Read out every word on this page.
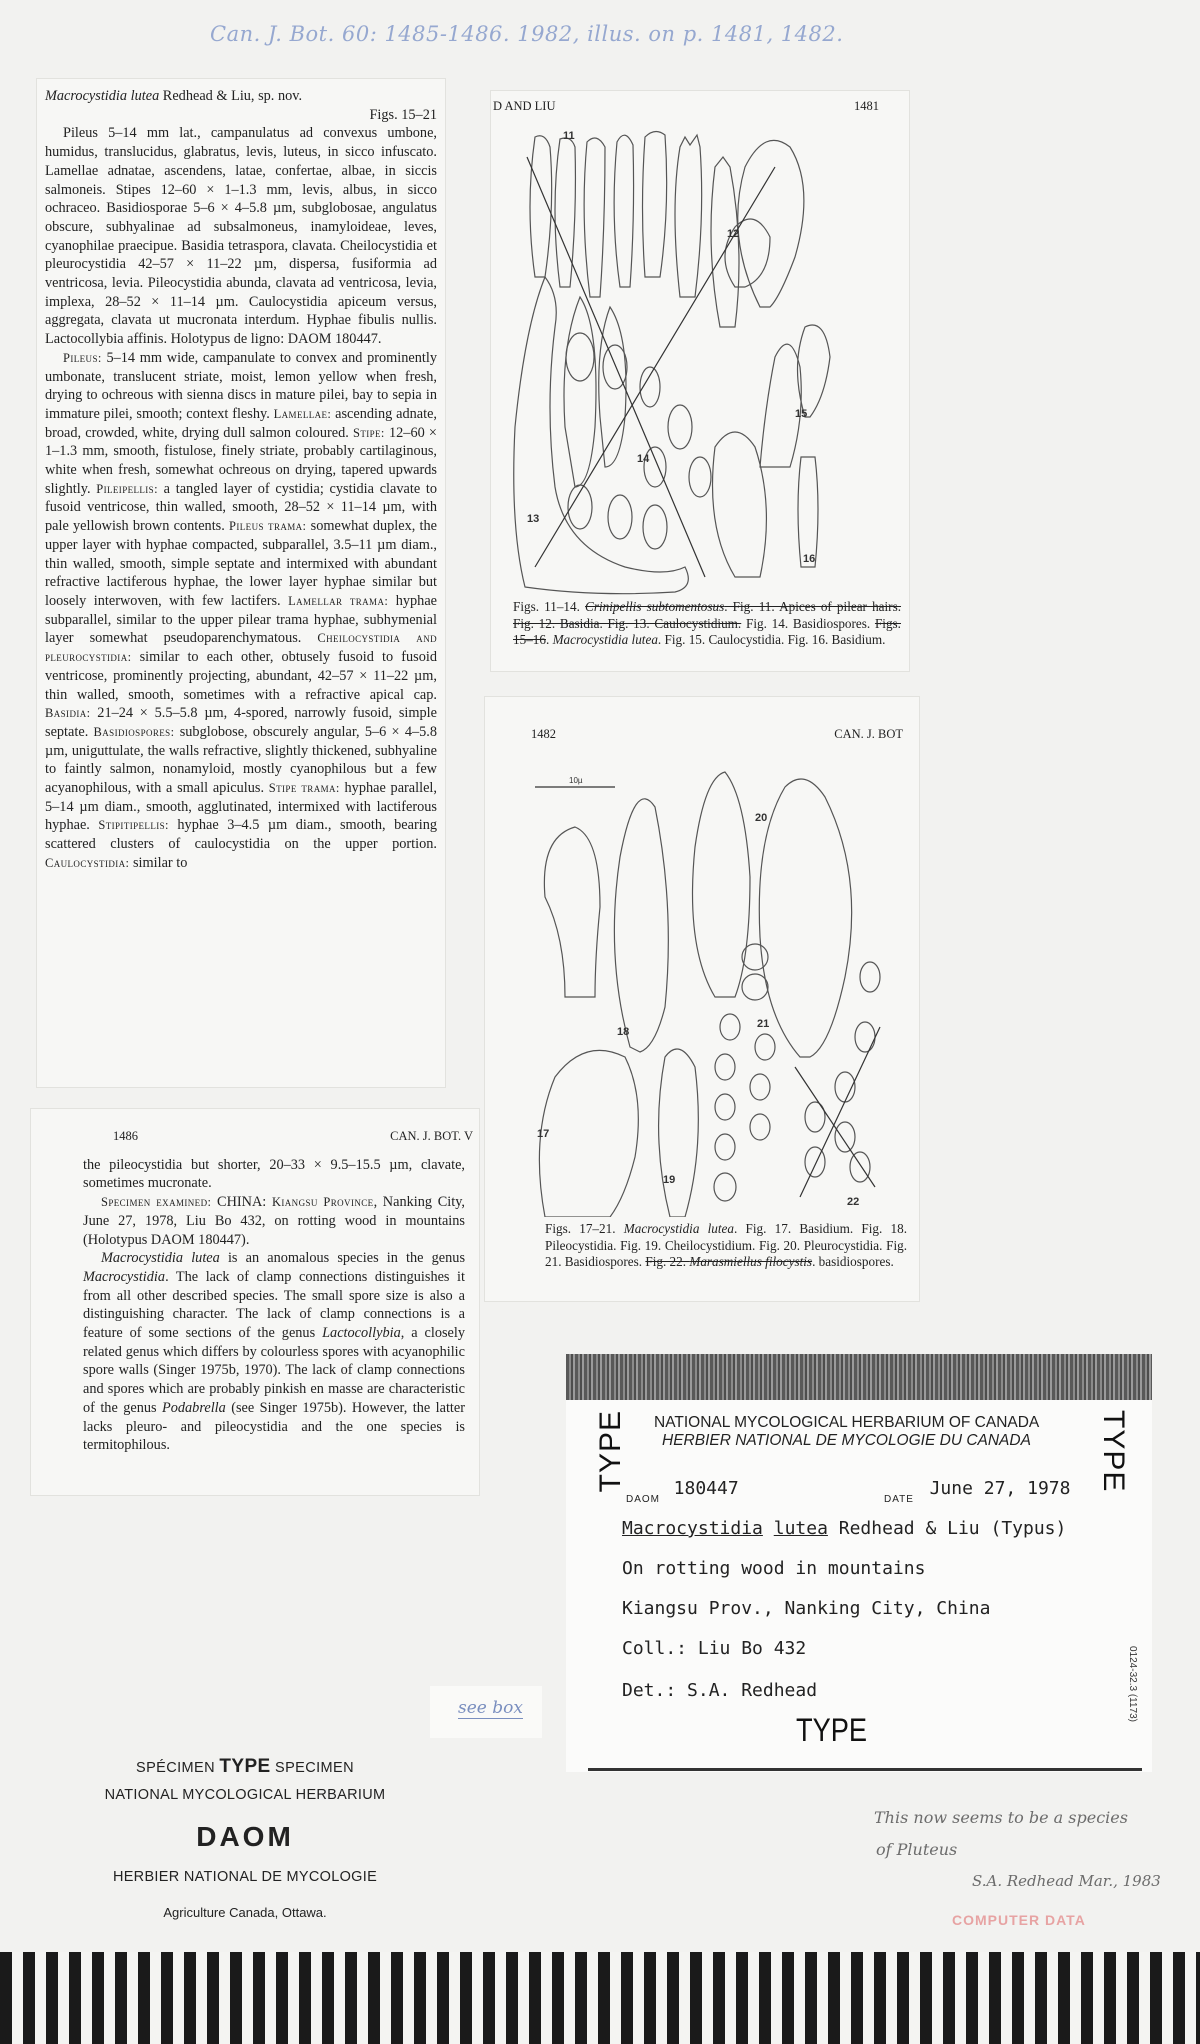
Can. J. Bot. 60: 1485-1486. 1982, illus. on p. 1481, 1482.

Macrocystidia lutea Redhead & Liu, sp. nov.

Figs. 15–21

Pileus 5–14 mm lat., campanulatus ad convexus umbone, humidus, translucidus, glabratus, levis, luteus, in sicco infuscato. Lamellae adnatae, ascendens, latae, confertae, albae, in siccis salmoneis. Stipes 12–60 × 1–1.3 mm, levis, albus, in sicco ochraceo. Basidiosporae 5–6 × 4–5.8 µm, subglobosae, angulatus obscure, subhyalinae ad subsalmoneus, inamyloideae, leves, cyanophilae praecipue. Basidia tetraspora, clavata. Cheilocystidia et pleurocystidia 42–57 × 11–22 µm, dispersa, fusiformia ad ventricosa, levia. Pileocystidia abunda, clavata ad ventricosa, levia, implexa, 28–52 × 11–14 µm. Caulocystidia apiceum versus, aggregata, clavata ut mucronata interdum. Hyphae fibulis nullis. Lactocollybia affinis. Holotypus de ligno: DAOM 180447.

Pileus: 5–14 mm wide, campanulate to convex and prominently umbonate, translucent striate, moist, lemon yellow when fresh, drying to ochreous with sienna discs in mature pilei, bay to sepia in immature pilei, smooth; context fleshy. Lamellae: ascending adnate, broad, crowded, white, drying dull salmon coloured. Stipe: 12–60 × 1–1.3 mm, smooth, fistulose, finely striate, probably cartilaginous, white when fresh, somewhat ochreous on drying, tapered upwards slightly. Pileipellis: a tangled layer of cystidia; cystidia clavate to fusoid ventricose, thin walled, smooth, 28–52 × 11–14 µm, with pale yellowish brown contents. Pileus trama: somewhat duplex, the upper layer with hyphae compacted, subparallel, 3.5–11 µm diam., thin walled, smooth, simple septate and intermixed with abundant refractive lactiferous hyphae, the lower layer hyphae similar but loosely interwoven, with few lactifers. Lamellar trama: hyphae subparallel, similar to the upper pilear trama hyphae, subhymenial layer somewhat pseudoparenchymatous. Cheilocystidia and pleurocystidia: similar to each other, obtusely fusoid to fusoid ventricose, prominently projecting, abundant, 42–57 × 11–22 µm, thin walled, smooth, sometimes with a refractive apical cap. Basidia: 21–24 × 5.5–5.8 µm, 4-spored, narrowly fusoid, simple septate. Basidiospores: subglobose, obscurely angular, 5–6 × 4–5.8 µm, uniguttulate, the walls refractive, slightly thickened, subhyaline to faintly salmon, nonamyloid, mostly cyanophilous but a few acyanophilous, with a small apiculus. Stipe trama: hyphae parallel, 5–14 µm diam., smooth, agglutinated, intermixed with lactiferous hyphae. Stipitipellis: hyphae 3–4.5 µm diam., smooth, bearing scattered clusters of caulocystidia on the upper portion. Caulocystidia: similar to

1486	CAN. J. BOT. V

the pileocystidia but shorter, 20–33 × 9.5–15.5 µm, clavate, sometimes mucronate.

Specimen examined: CHINA: Kiangsu Province, Nanking City, June 27, 1978, Liu Bo 432, on rotting wood in mountains (Holotypus DAOM 180447).

Macrocystidia lutea is an anomalous species in the genus Macrocystidia. The lack of clamp connections distinguishes it from all other described species. The small spore size is also a distinguishing character. The lack of clamp connections is a feature of some sections of the genus Lactocollybia, a closely related genus which differs by colourless spores with acyanophilic spore walls (Singer 1975b, 1970). The lack of clamp connections and spores which are probably pinkish en masse are characteristic of the genus Podabrella (see Singer 1975b). However, the latter lacks pleuro- and pileocystidia and the one species is termitophilous.

D AND LIU	1481
11
12
13
14
15
16
Figs. 11–14. Crinipellis subtomentosus. Fig. 11. Apices of pilear hairs. Fig. 12. Basidia. Fig. 13. Caulocystidium. Fig. 14. Basidiospores. Figs. 15–16. Macrocystidia lutea. Fig. 15. Caulocystidia. Fig. 16. Basidium.
1482	CAN. J. BOT
17
18
19
20
21
22
10µ
Figs. 17–21. Macrocystidia lutea. Fig. 17. Basidium. Fig. 18. Pileocystidia. Fig. 19. Cheilocystidium. Fig. 20. Pleurocystidia. Fig. 21. Basidiospores. Fig. 22. Marasmiellus filocystis. basidiospores.
TYPE	TYPE
NATIONAL MYCOLOGICAL HERBARIUM OF CANADA
HERBIER NATIONAL DE MYCOLOGIE DU CANADA
$_{DAOM}$ 180447
$_{DATE}$ June 27, 1978
Macrocystidia lutea Redhead & Liu (Typus)
On rotting wood in mountains
Kiangsu Prov., Nanking City, China
Coll.: Liu Bo 432
Det.: S.A. Redhead
TYPE
0124-32.3 (1173)
see box
SPÉCIMEN TYPE SPECIMEN
NATIONAL MYCOLOGICAL HERBARIUM
DAOM
HERBIER NATIONAL DE MYCOLOGIE
Agriculture Canada, Ottawa.
This now seems to be a species
of Pluteus
S.A. Redhead Mar., 1983
COMPUTER DATA
